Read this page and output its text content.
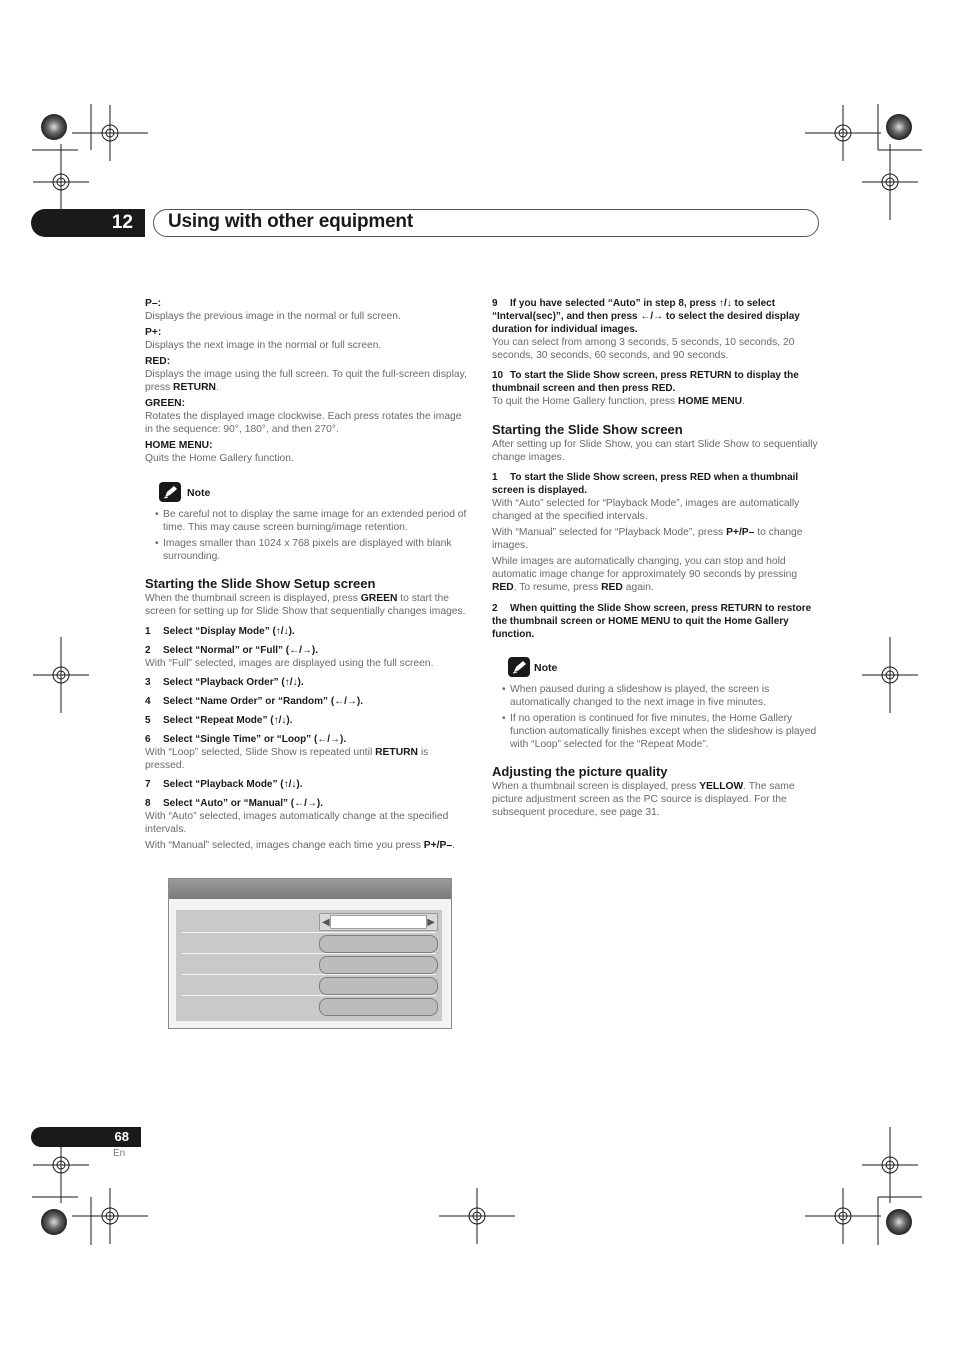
12 Using with other equipment
P–:

Displays the previous image in the normal or full screen.

P+:

Displays the next image in the normal or full screen.

RED:

Displays the image using the full screen. To quit the full-screen display, press RETURN.

GREEN:

Rotates the displayed image clockwise. Each press rotates the image in the sequence: 90°, 180°, and then 270°.

HOME MENU:

Quits the Home Gallery function.

Note
• Be careful not to display the same image for an extended period of time. This may cause screen burning/image retention.
• Images smaller than 1024 x 768 pixels are displayed with blank surrounding.

Starting the Slide Show Setup screen

When the thumbnail screen is displayed, press GREEN to start the screen for setting up for Slide Show that sequentially changes images.

1 Select “Display Mode” (↑/↓).
2 Select “Normal” or “Full” (←/→).

With “Full” selected, images are displayed using the full screen.

3 Select “Playback Order” (↑/↓).
4 Select “Name Order” or “Random” (←/→).
5 Select “Repeat Mode” (↑/↓).
6 Select “Single Time” or “Loop” (←/→).

With “Loop” selected, Slide Show is repeated until RETURN is pressed.

7 Select “Playback Mode” (↑/↓).
8 Select “Auto” or “Manual” (←/→).

With “Auto” selected, images automatically change at the specified intervals.

With “Manual” selected, images change each time you press P+/P–.

◀	▶
9 If you have selected “Auto” in step 8, press ↑/↓ to select “Interval(sec)”, and then press ←/→ to select the desired display duration for individual images.

You can select from among 3 seconds, 5 seconds, 10 seconds, 20 seconds, 30 seconds, 60 seconds, and 90 seconds.

10 To start the Slide Show screen, press RETURN to display the thumbnail screen and then press RED.

To quit the Home Gallery function, press HOME MENU.

Starting the Slide Show screen

After setting up for Slide Show, you can start Slide Show to sequentially change images.

1 To start the Slide Show screen, press RED when a thumbnail screen is displayed.

With “Auto” selected for “Playback Mode”, images are automatically changed at the specified intervals.

With “Manual” selected for “Playback Mode”, press P+/P– to change images.

While images are automatically changing, you can stop and hold automatic image change for approximately 90 seconds by pressing RED. To resume, press RED again.

2 When quitting the Slide Show screen, press RETURN to restore the thumbnail screen or HOME MENU to quit the Home Gallery function.
Note
• When paused during a slideshow is played, the screen is automatically changed to the next image in five minutes.
• If no operation is continued for five minutes, the Home Gallery function automatically finishes except when the slideshow is played with “Loop” selected for the “Repeat Mode”.

Adjusting the picture quality

When a thumbnail screen is displayed, press YELLOW. The same picture adjustment screen as the PC source is displayed. For the subsequent procedure, see page 31.

68
En
